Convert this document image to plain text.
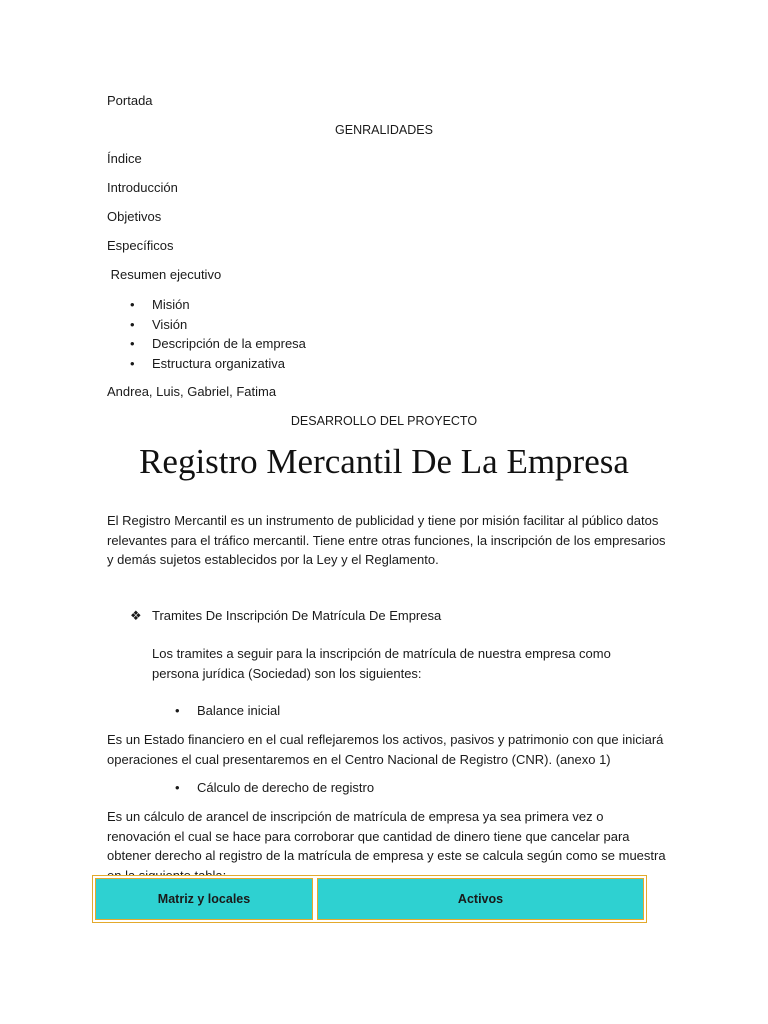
Portada
GENRALIDADES
Índice
Introducción
Objetivos
Específicos
Resumen ejecutivo
• Misión
• Visión
• Descripción de la empresa
• Estructura organizativa
Andrea, Luis, Gabriel, Fatima
DESARROLLO DEL PROYECTO
Registro Mercantil De La Empresa
El Registro Mercantil es un instrumento de publicidad y tiene por misión facilitar al público datos relevantes para el tráfico mercantil. Tiene entre otras funciones, la inscripción de los empresarios y demás sujetos establecidos por la Ley y el Reglamento.
❖ Tramites De Inscripción De Matrícula De Empresa
Los tramites a seguir para la inscripción de matrícula de nuestra empresa como persona jurídica (Sociedad) son los siguientes:
• Balance inicial
Es un Estado financiero en el cual reflejaremos los activos, pasivos y patrimonio con que iniciará operaciones el cual presentaremos en el Centro Nacional de Registro (CNR). (anexo 1)
• Cálculo de derecho de registro
Es un cálculo de arancel de inscripción de matrícula de empresa ya sea primera vez o renovación el cual se hace para corroborar que cantidad de dinero tiene que cancelar para obtener derecho al registro de la matrícula de empresa y este se calcula según como se muestra
Matriz y locales	Activos
